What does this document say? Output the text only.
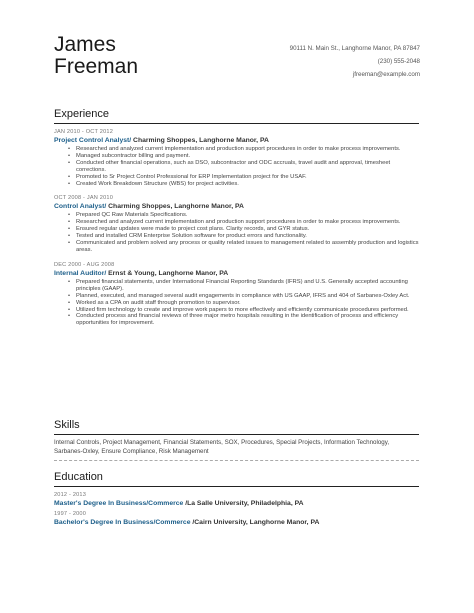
James
Freeman
90111 N. Main St., Langhorne Manor, PA 87847
(230) 555-2048
jfreeman@example.com
Experience
JAN 2010 - OCT 2012
Project Control Analyst/ Charming Shoppes, Langhorne Manor, PA
• Researched and analyzed current implementation and production support procedures in order to make process improvements.
• Managed subcontractor billing and payment.
• Conducted other financial operations, such as DSO, subcontractor and ODC accruals, travel audit and approval, timesheet corrections.
• Promoted to Sr Project Control Professional for ERP Implementation project for the USAF.
• Created Work Breakdown Structure (WBS) for project activities.
OCT 2008 - JAN 2010
Control Analyst/ Charming Shoppes, Langhorne Manor, PA
• Prepared QC Raw Materials Specifications.
• Researched and analyzed current implementation and production support procedures in order to make process improvements.
• Ensured regular updates were made to project cost plans. Clarity records, and GYR status.
• Tested and installed CRM Enterprise Solution software for product errors and functionality.
• Communicated and problem solved any process or quality related issues to management related to assembly production and logistics areas.
DEC 2000 - AUG 2008
Internal Auditor/ Ernst & Young, Langhorne Manor, PA
• Prepared financial statements, under International Financial Reporting Standards (IFRS) and U.S. Generally accepted accounting principles (GAAP).
• Planned, executed, and managed several audit engagements in compliance with US GAAP, IFRS and 404 of Sarbanes-Oxley Act.
• Worked as a CPA on audit staff through promotion to supervisor.
• Utilized firm technology to create and improve work papers to more effectively and efficiently communicate procedures performed.
• Conducted process and financial reviews of three major metro hospitals resulting in the identification of process and efficiency opportunities for improvement.
Skills
Internal Controls, Project Management, Financial Statements, SOX, Procedures, Special Projects, Information Technology, Sarbanes-Oxley, Ensure Compliance, Risk Management
Education
2012 - 2013
Master's Degree In Business/Commerce /La Salle University, Philadelphia, PA
1997 - 2000
Bachelor's Degree In Business/Commerce /Cairn University, Langhorne Manor, PA
